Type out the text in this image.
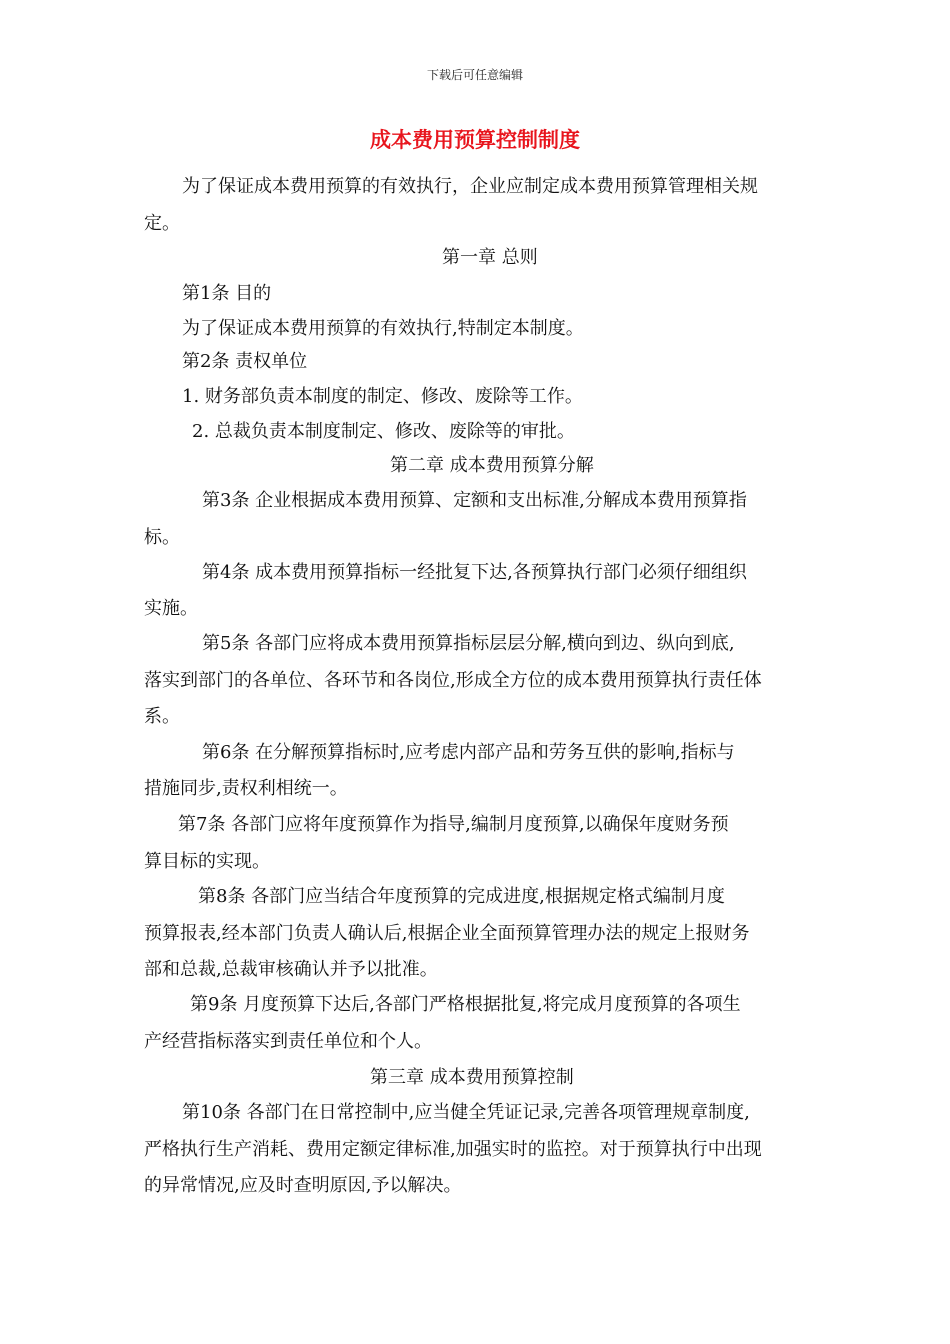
下载后可任意编辑
成本费用预算控制制度
为了保证成本费用预算的有效执行，企业应制定成本费用预算管理相关规
定。
第一章 总则
第1条 目的
为了保证成本费用预算的有效执行,特制定本制度。
第2条 责权单位
1. 财务部负责本制度的制定、修改、废除等工作。
2. 总裁负责本制度制定、修改、废除等的审批。
第二章 成本费用预算分解
第3条 企业根据成本费用预算、定额和支出标准,分解成本费用预算指
标。
第4条 成本费用预算指标一经批复下达,各预算执行部门必须仔细组织
实施。
第5条 各部门应将成本费用预算指标层层分解,横向到边、纵向到底,
落实到部门的各单位、各环节和各岗位,形成全方位的成本费用预算执行责任体
系。
第6条 在分解预算指标时,应考虑内部产品和劳务互供的影响,指标与
措施同步,责权利相统一。
第7条 各部门应将年度预算作为指导,编制月度预算,以确保年度财务预
算目标的实现。
第8条 各部门应当结合年度预算的完成进度,根据规定格式编制月度
预算报表,经本部门负责人确认后,根据企业全面预算管理办法的规定上报财务
部和总裁,总裁审核确认并予以批准。
第9条 月度预算下达后,各部门严格根据批复,将完成月度预算的各项生
产经营指标落实到责任单位和个人。
第三章 成本费用预算控制
第10条 各部门在日常控制中,应当健全凭证记录,完善各项管理规章制度,
严格执行生产消耗、费用定额定律标准,加强实时的监控。对于预算执行中出现
的异常情况,应及时查明原因,予以解决。
